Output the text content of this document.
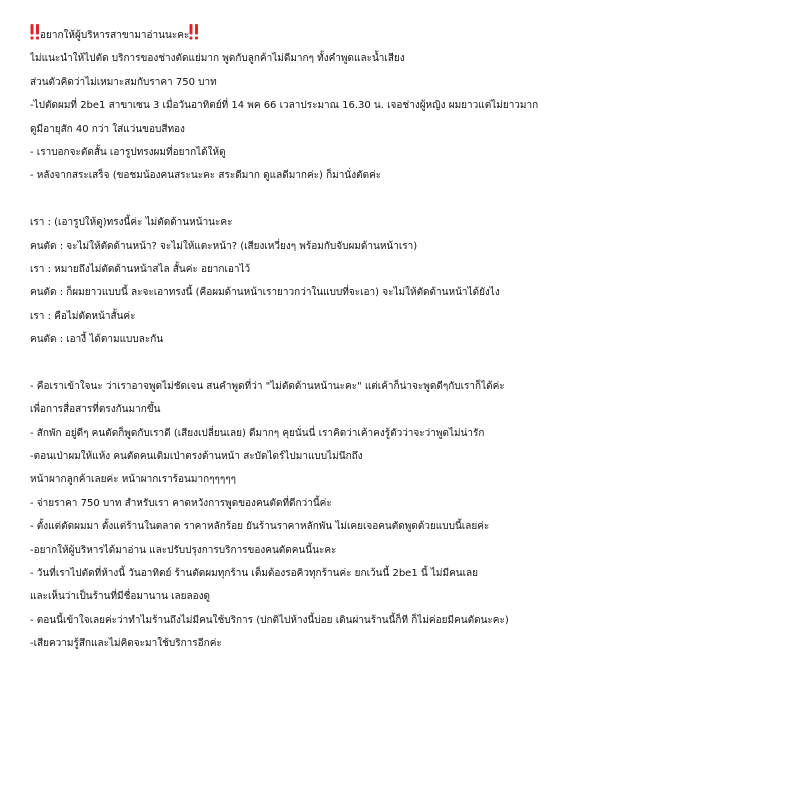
อยากให้ผู้บริหารสาขามาอ่านนะคะ
ไม่แนะนำให้ไปตัด บริการของช่างตัดแย่มาก พูดกับลูกค้าไม่ดีมากๆ ทั้งคำพูดและน้ำเสียง
ส่วนตัวคิดว่าไม่เหมาะสมกับราคา 750 บาท
-ไปตัดผมที่ 2be1 สาขาเซน 3 เมื่อวันอาทิตย์ที่ 14 พค 66 เวลาประมาณ 16.30 น. เจอช่างผู้หญิง ผมยาวแต่ไม่ยาวมาก
ดูมีอายุสัก 40 กว่า ใส่แว่นขอบสีทอง
- เราบอกจะตัดสั้น เอารูปทรงผมที่อยากได้ให้ดู
- หลังจากสระเสร็จ (ขอชมน้องคนสระนะคะ สระดีมาก ดูแลดีมากค่ะ) ก็มานั่งตัดค่ะ
เรา : (เอารูปให้ดู)ทรงนี้ค่ะ ไม่ตัดด้านหน้านะคะ
คนตัด : จะไม่ให้ตัดด้านหน้า? จะไม่ให้แตะหน้า? (เสียงเหวี่ยงๆ พร้อมกับจับผมด้านหน้าเรา)
เรา : หมายถึงไม่ตัดด้านหน้าสไล สั้นค่ะ อยากเอาไว้
คนตัด : ก็ผมยาวแบบนี้ ละจะเอาทรงนี้ (คือผมด้านหน้าเรายาวกว่าในแบบที่จะเอา) จะไม่ให้ตัดด้านหน้าได้ยังไง
เรา : คือไม่ตัดหน้าสั้นค่ะ
คนตัด : เอางี้ ได้ตามแบบละกัน
- คือเราเข้าใจนะ ว่าเราอาจพูดไม่ชัดเจน สนคำพูดที่ว่า "ไม่ตัดด้านหน้านะคะ" แต่เค้าก็น่าจะพูดดีๆกับเราก็ได้ค่ะ
เพื่อการสื่อสารที่ตรงกันมากขึ้น
- สักพัก อยู่ดีๆ คนตัดก็พูดกับเราดี (เสียงเปลี่ยนเลย) ดีมากๆ คุยนั่นนี่ เราคิดว่าเค้าคงรู้ตัวว่าจะว่าพูดไม่น่ารัก
-ตอนเป่าผมให้แห้ง คนตัดคนเดิมเป่าตรงด้านหน้า สะบัดไดร์ไปมาแบบไม่นึกถึง
หน้าผากลูกค้าเลยค่ะ หน้าผากเราร้อนมากๆๆๆๆๆ
- จ่ายราคา 750 บาท สำหรับเรา คาดหวังการพูดของคนตัดที่ดีกว่านี้ค่ะ
- ตั้งแต่ตัดผมมา ตั้งแต่ร้านในตลาด ราคาหลักร้อย ยันร้านราคาหลักพัน ไม่เคยเจอคนตัดพูดด้วยแบบนี้เลยค่ะ
-อยากให้ผู้บริหารได้มาอ่าน และปรับปรุงการบริการของคนตัดคนนี้นะคะ
- วันที่เราไปตัดที่ห้างนี้ วันอาทิตย์ ร้านตัดผมทุกร้าน เต็มต้องรอคิวทุกร้านค่ะ ยกเว้นนี้ 2be1 นี้ ไม่มีคนเลย
และเห็นว่าเป็นร้านที่มีชื่อมานาน เลยลองดู
- ตอนนี้เข้าใจเลยค่ะว่าทำไมร้านถึงไม่มีคนใช้บริการ (ปกติไปห้างนี้บ่อย เดินผ่านร้านนี้ก็ที ก็ไม่ค่อยมีคนตัดนะคะ)
-เสียความรู้สึกและไม่คิดจะมาใช้บริการอีกค่ะ
